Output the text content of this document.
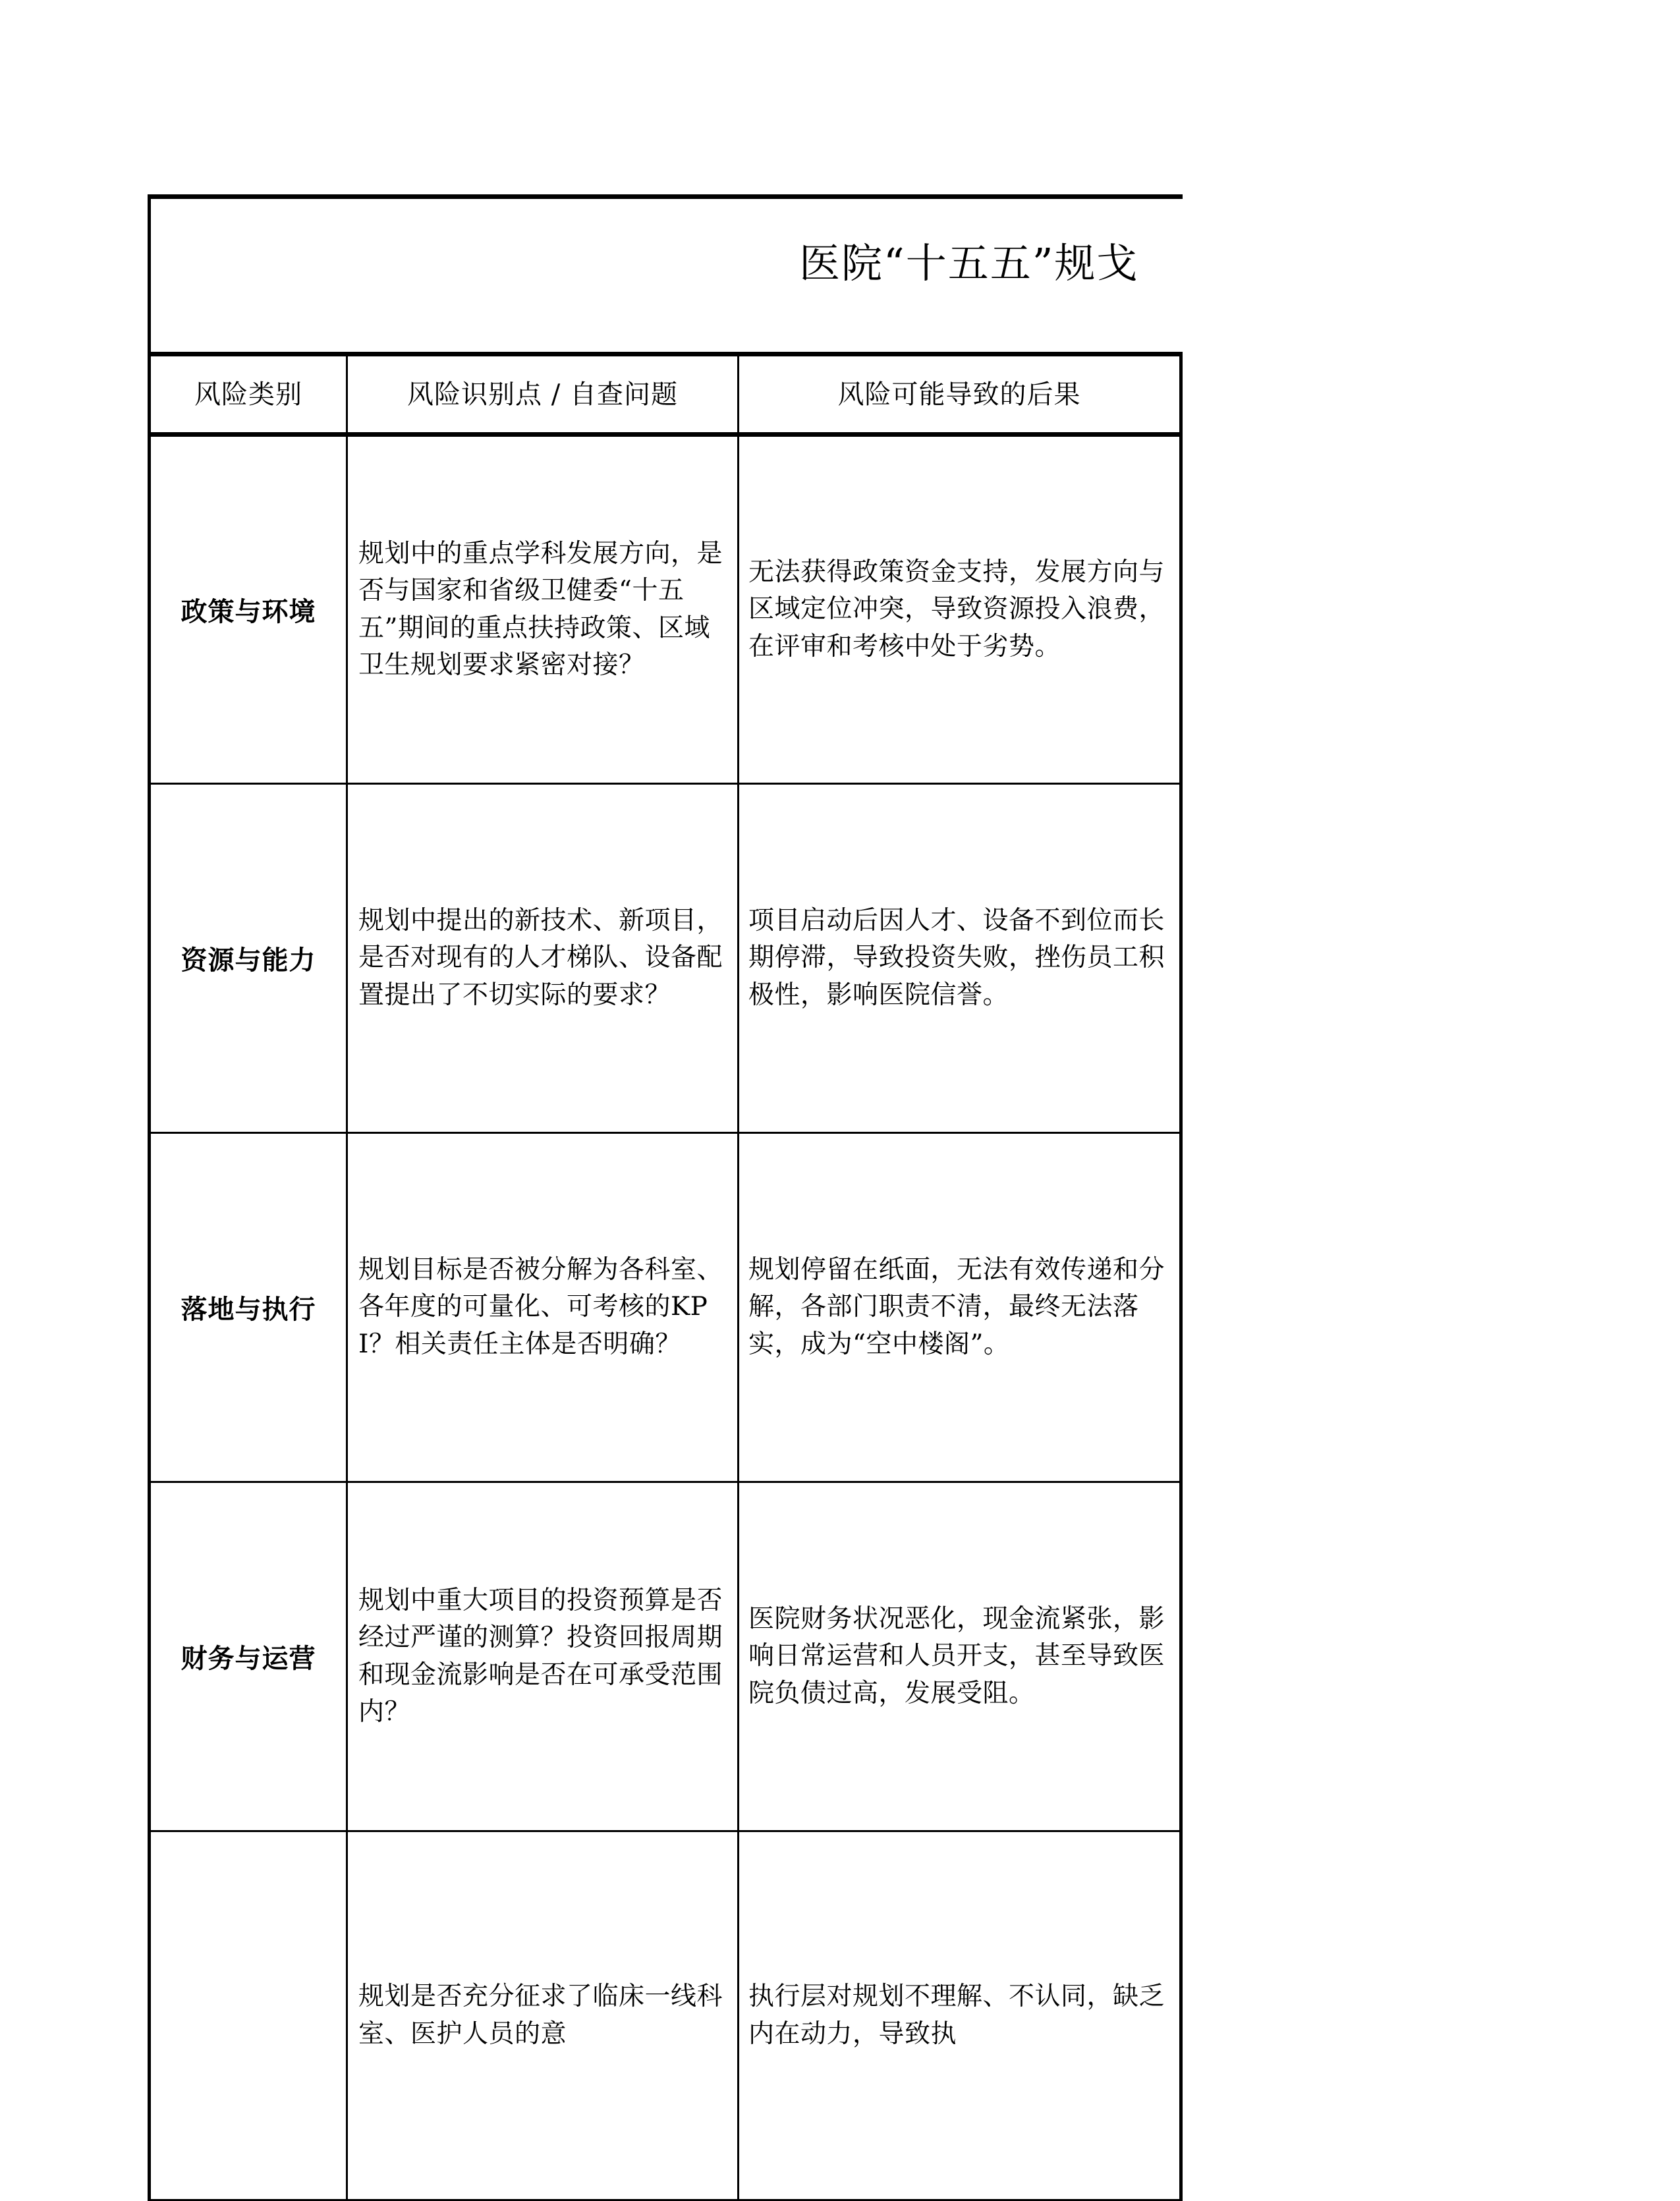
医院“十五五”规戈
风险类别	风险识别点 / 自查问题	风险可能导致的后果
政策与环境	规划中的重点学科发展方向，是否与国家和省级卫健委“十五五”期间的重点扶持政策、区域卫生规划要求紧密对接？	无法获得政策资金支持，发展方向与区域定位冲突，导致资源投入浪费，在评审和考核中处于劣势。

资源与能力	规划中提出的新技术、新项目，是否对现有的人才梯队、设备配置提出了不切实际的要求？	项目启动后因人才、设备不到位而长期停滞，导致投资失败，挫伤员工积极性，影响医院信誉。

落地与执行	规划目标是否被分解为各科室、各年度的可量化、可考核的KPI？相关责任主体是否明确？	规划停留在纸面，无法有效传递和分解，各部门职责不清，最终无法落实，成为“空中楼阁”。

财务与运营	规划中重大项目的投资预算是否经过严谨的测算？投资回报周期和现金流影响是否在可承受范围内？	医院财务状况恶化，现金流紧张，影响日常运营和人员开支，甚至导致医院负债过高，发展受阻。

	规划是否充分征求了临床一线科室、医护人员的意	执行层对规划不理解、不认同，缺乏内在动力，导致执
